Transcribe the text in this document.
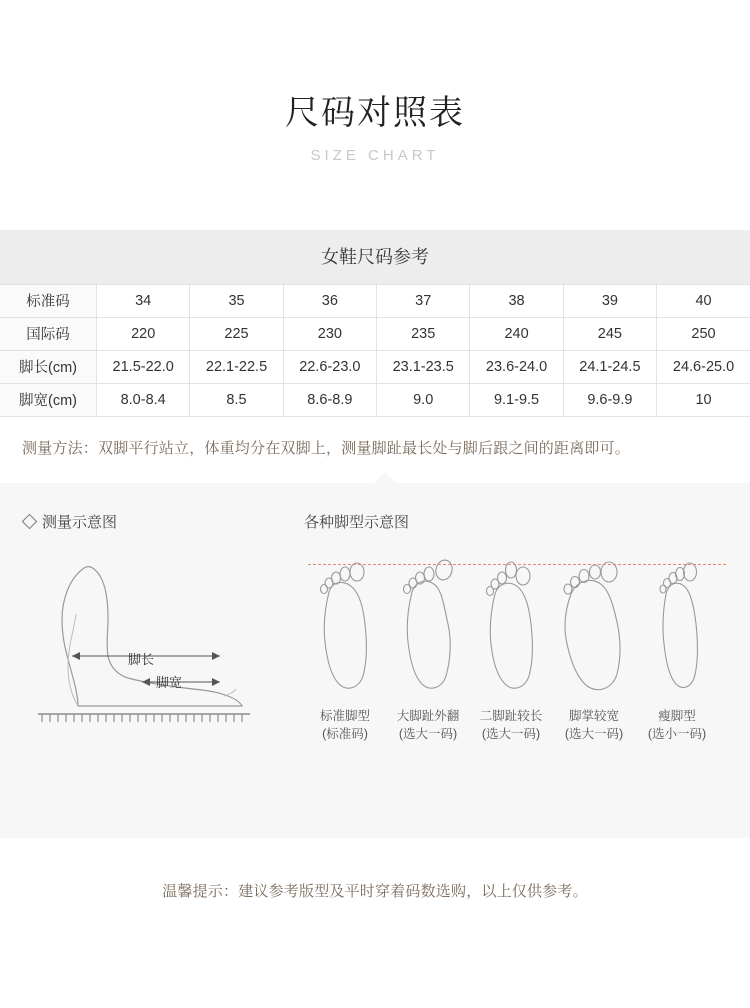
尺码对照表
SIZE CHART
女鞋尺码参考
标准码	34	35	36	37	38	39	40
国际码	220	225	230	235	240	245	250
脚长(cm)	21.5-22.0	22.1-22.5	22.6-23.0	23.1-23.5	23.6-24.0	24.1-24.5	24.6-25.0
脚宽(cm)	8.0-8.4	8.5	8.6-8.9	9.0	9.1-9.5	9.6-9.9	10
测量方法：双脚平行站立，体重均分在双脚上，测量脚趾最长处与脚后跟之间的距离即可。
测量示意图
脚长
脚宽
各种脚型示意图
标准脚型
(标准码)
大脚趾外翻
(选大一码)
二脚趾较长
(选大一码)
脚掌较宽
(选大一码)
瘦脚型
(选小一码)
温馨提示：建议参考版型及平时穿着码数选购，以上仅供参考。
